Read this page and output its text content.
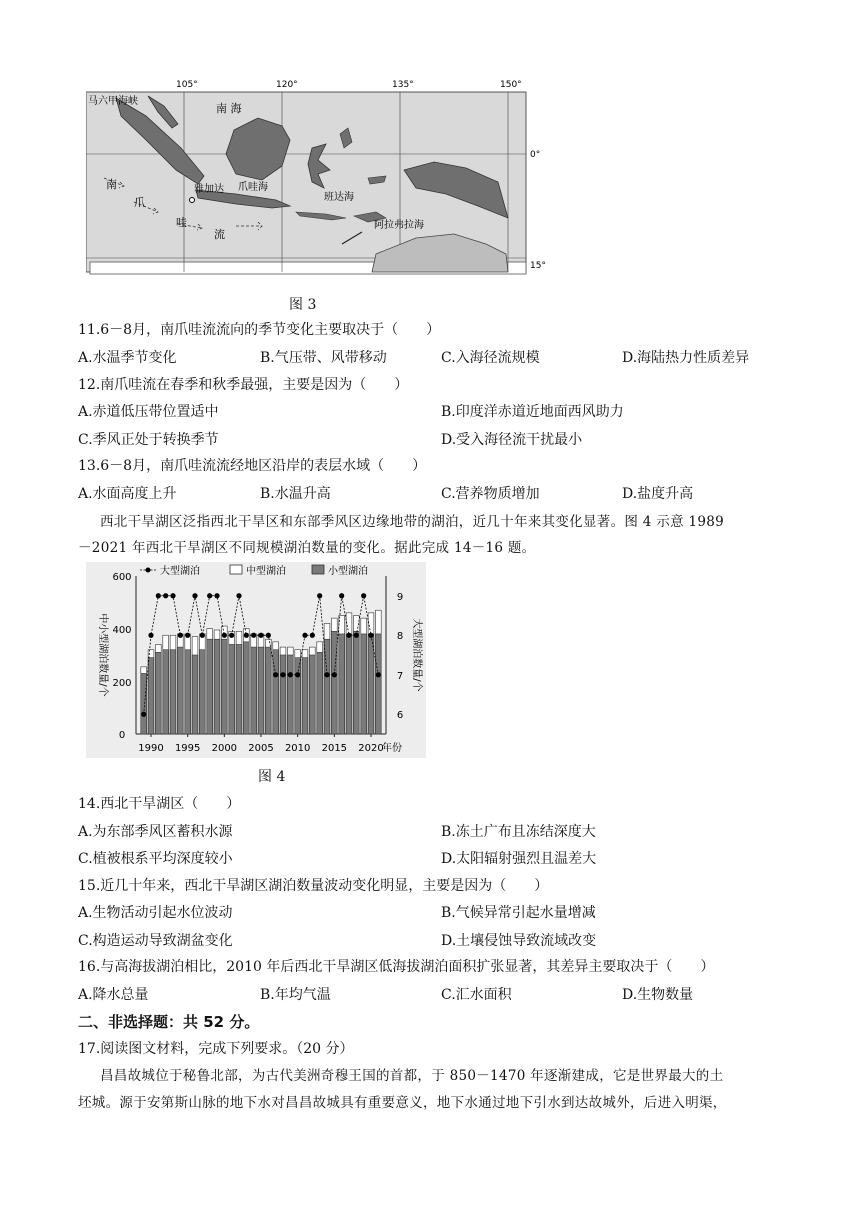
105°	120°	135°	150°
0°
15°
马六甲海峡
南 海
雅加达 爪哇海
班达海
阿拉弗拉海
南
爪
哇
流
图 3
11.6－8月，南爪哇流流向的季节变化主要取决于（　　）
A.水温季节变化	B.气压带、风带移动	C.入海径流规模	D.海陆热力性质差异
12.南爪哇流在春季和秋季最强，主要是因为（　　）
A.赤道低压带位置适中	B.印度洋赤道近地面西风助力
C.季风正处于转换季节	D.受入海径流干扰最小
13.6－8月，南爪哇流流经地区沿岸的表层水域（　　）
A.水面高度上升	B.水温升高	C.营养物质增加	D.盐度升高
西北干旱湖区泛指西北干旱区和东部季风区边缘地带的湖泊，近几十年来其变化显著。图 4 示意 1989
－2021 年西北干旱湖区不同规模湖泊数量的变化。据此完成 14－16 题。
0
200
400
600
6
7
8
9
中小型湖泊数量/个	大型湖泊数量/个
大型湖泊	中型湖泊	小型湖泊
1990 1995 2000 2005 2010 2015 2020
年份
图 4
14.西北干旱湖区（　　）
A.为东部季风区蓄积水源	B.冻土广布且冻结深度大
C.植被根系平均深度较小	D.太阳辐射强烈且温差大
15.近几十年来，西北干旱湖区湖泊数量波动变化明显，主要是因为（　　）
A.生物活动引起水位波动	B.气候异常引起水量增减
C.构造运动导致湖盆变化	D.土壤侵蚀导致流域改变
16.与高海拔湖泊相比，2010 年后西北干旱湖区低海拔湖泊面积扩张显著，其差异主要取决于（　　）
A.降水总量	B.年均气温	C.汇水面积	D.生物数量
二、非选择题：共 52 分。
17.阅读图文材料，完成下列要求。（20 分）
昌昌故城位于秘鲁北部，为古代美洲奇穆王国的首都，于 850－1470 年逐渐建成，它是世界最大的土
坯城。源于安第斯山脉的地下水对昌昌故城具有重要意义，地下水通过地下引水到达故城外，后进入明渠，
